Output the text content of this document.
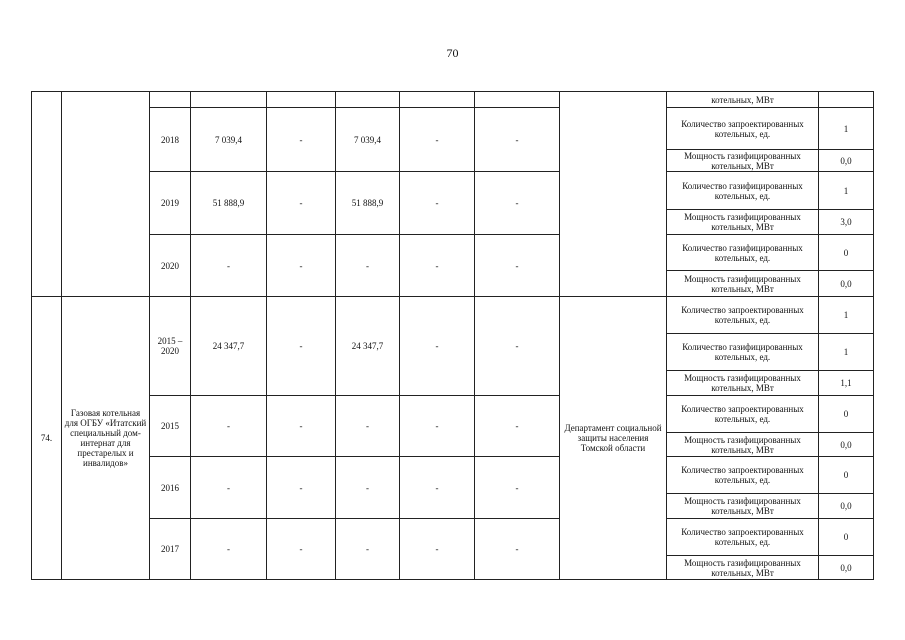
70
									котельных, МВт	
		2018	7 039,4	-	7 039,4	-	-		Количество запроектированных котельных, ед.	1
									Мощность газифицированных котельных, МВт	0,0
		2019	51 888,9	-	51 888,9	-	-		Количество газифицированных котельных, ед.	1
									Мощность газифицированных котельных, МВт	3,0
		2020	-	-	-	-	-		Количество газифицированных котельных, ед.	0
									Мощность газифицированных котельных, МВт	0,0
74.	Газовая котельная для ОГБУ «Итатский специальный дом-интернат для престарелых и инвалидов»	2015 – 2020	24 347,7	-	24 347,7	-	-	Департамент социальной защиты населения Томской области	Количество запроектированных котельных, ед.	1
									Количество газифицированных котельных, ед.	1
									Мощность газифицированных котельных, МВт	1,1
		2015	-	-	-	-	-		Количество запроектированных котельных, ед.	0
									Мощность газифицированных котельных, МВт	0,0
		2016	-	-	-	-	-		Количество запроектированных котельных, ед.	0
									Мощность газифицированных котельных, МВт	0,0
		2017	-	-	-	-	-		Количество запроектированных котельных, ед.	0
									Мощность газифицированных котельных, МВт	0,0
